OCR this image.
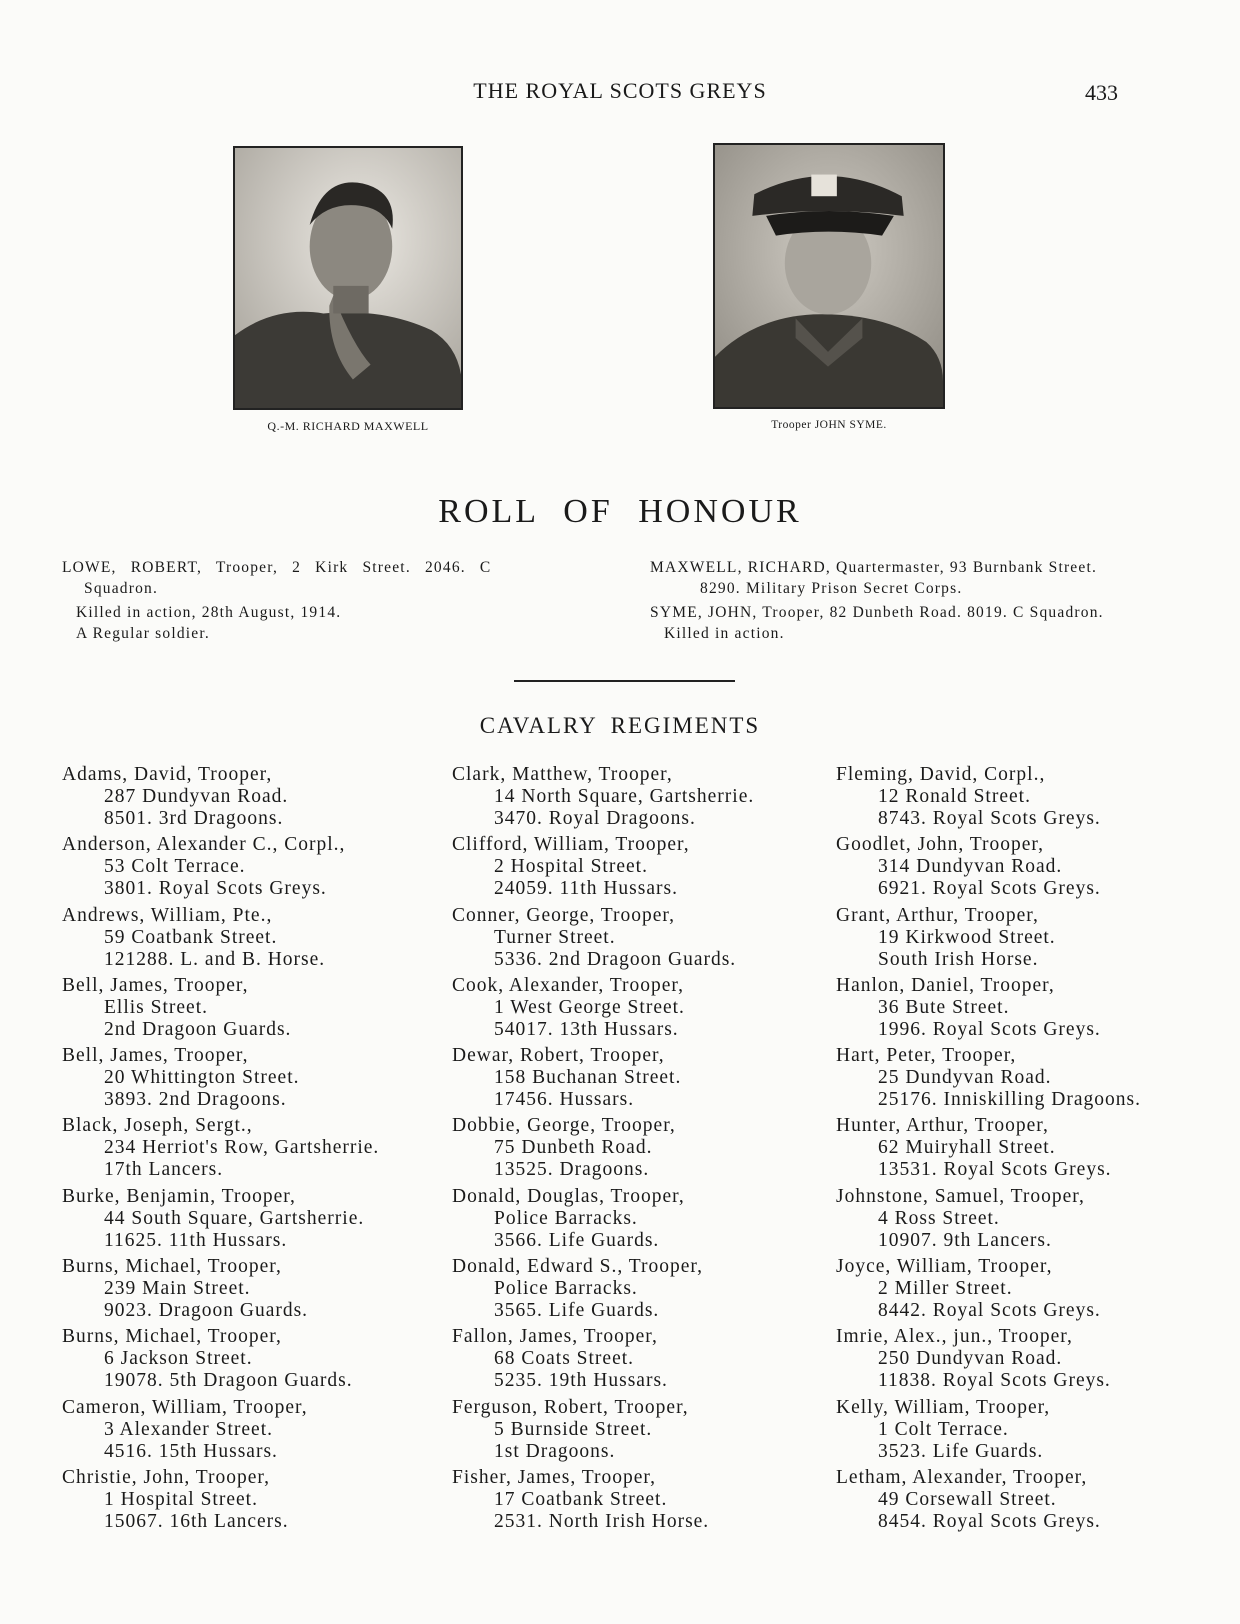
THE ROYAL SCOTS GREYS	433
Q.-M. RICHARD MAXWELL	Trooper JOHN SYME.
ROLL OF HONOUR

LOWE, ROBERT, Trooper, 2 Kirk Street. 2046. C

Squadron.

Killed in action, 28th August, 1914.

A Regular soldier.

MAXWELL, RICHARD, Quartermaster, 93 Burnbank Street.

8290. Military Prison Secret Corps.

SYME, JOHN, Trooper, 82 Dunbeth Road. 8019. C Squadron.

Killed in action.

CAVALRY REGIMENTS
Adams, David, Trooper,
287 Dundyvan Road.
8501. 3rd Dragoons.
Anderson, Alexander C., Corpl.,
53 Colt Terrace.
3801. Royal Scots Greys.
Andrews, William, Pte.,
59 Coatbank Street.
121288. L. and B. Horse.
Bell, James, Trooper,
Ellis Street.
2nd Dragoon Guards.
Bell, James, Trooper,
20 Whittington Street.
3893. 2nd Dragoons.
Black, Joseph, Sergt.,
234 Herriot's Row, Gartsherrie.
17th Lancers.
Burke, Benjamin, Trooper,
44 South Square, Gartsherrie.
11625. 11th Hussars.
Burns, Michael, Trooper,
239 Main Street.
9023. Dragoon Guards.
Burns, Michael, Trooper,
6 Jackson Street.
19078. 5th Dragoon Guards.
Cameron, William, Trooper,
3 Alexander Street.
4516. 15th Hussars.
Christie, John, Trooper,
1 Hospital Street.
15067. 16th Lancers.
Clark, Matthew, Trooper,
14 North Square, Gartsherrie.
3470. Royal Dragoons.
Clifford, William, Trooper,
2 Hospital Street.
24059. 11th Hussars.
Conner, George, Trooper,
Turner Street.
5336. 2nd Dragoon Guards.
Cook, Alexander, Trooper,
1 West George Street.
54017. 13th Hussars.
Dewar, Robert, Trooper,
158 Buchanan Street.
17456. Hussars.
Dobbie, George, Trooper,
75 Dunbeth Road.
13525. Dragoons.
Donald, Douglas, Trooper,
Police Barracks.
3566. Life Guards.
Donald, Edward S., Trooper,
Police Barracks.
3565. Life Guards.
Fallon, James, Trooper,
68 Coats Street.
5235. 19th Hussars.
Ferguson, Robert, Trooper,
5 Burnside Street.
1st Dragoons.
Fisher, James, Trooper,
17 Coatbank Street.
2531. North Irish Horse.
Fleming, David, Corpl.,
12 Ronald Street.
8743. Royal Scots Greys.
Goodlet, John, Trooper,
314 Dundyvan Road.
6921. Royal Scots Greys.
Grant, Arthur, Trooper,
19 Kirkwood Street.
South Irish Horse.
Hanlon, Daniel, Trooper,
36 Bute Street.
1996. Royal Scots Greys.
Hart, Peter, Trooper,
25 Dundyvan Road.
25176. Inniskilling Dragoons.
Hunter, Arthur, Trooper,
62 Muiryhall Street.
13531. Royal Scots Greys.
Johnstone, Samuel, Trooper,
4 Ross Street.
10907. 9th Lancers.
Joyce, William, Trooper,
2 Miller Street.
8442. Royal Scots Greys.
Imrie, Alex., jun., Trooper,
250 Dundyvan Road.
11838. Royal Scots Greys.
Kelly, William, Trooper,
1 Colt Terrace.
3523. Life Guards.
Letham, Alexander, Trooper,
49 Corsewall Street.
8454. Royal Scots Greys.
